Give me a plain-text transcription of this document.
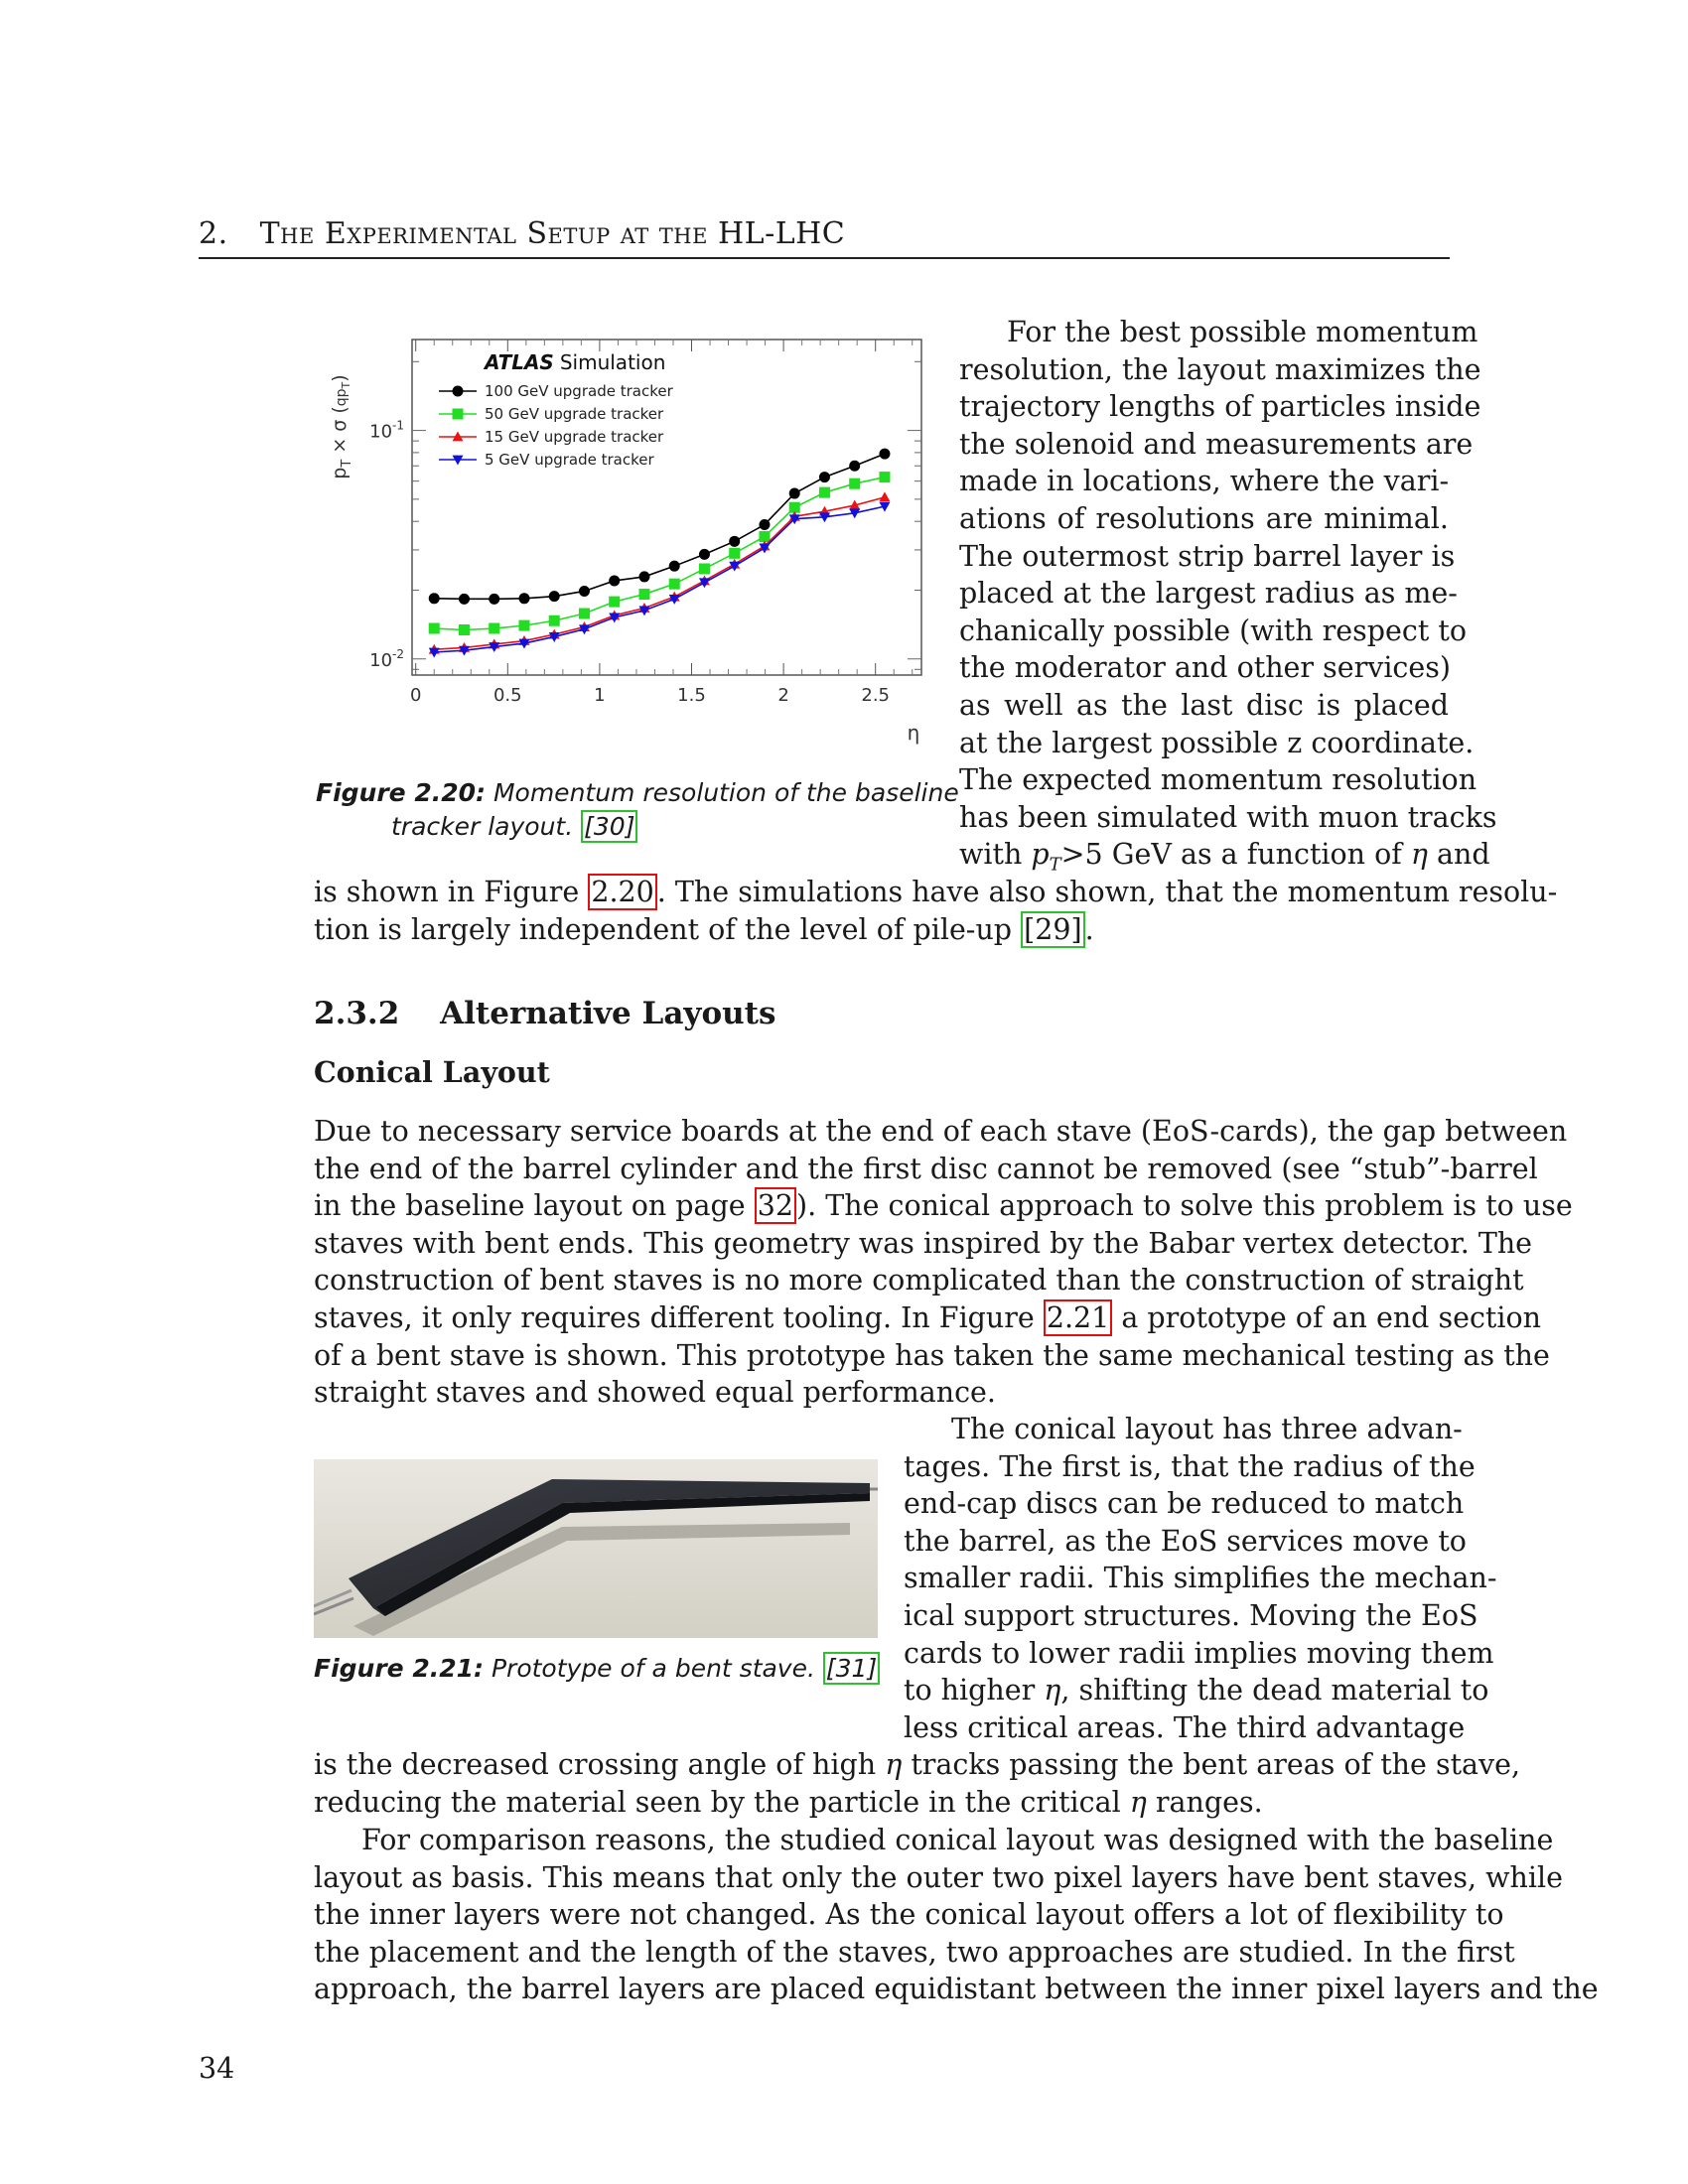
2. The Experimental Setup at the HL-LHC
$p_T \times \sigma$ $(qp_T)$
0	0.5	1	1.5	2	2.5
$10^{-1}$
$10^{-2}$
ATLAS Simulation
100 GeV upgrade tracker
50 GeV upgrade tracker
15 GeV upgrade tracker
5 GeV upgrade tracker
η
Figure 2.20: Momentum resolution of the baseline
tracker layout. [30]
For the best possible momentum
resolution, the layout maximizes the
trajectory lengths of particles inside
the solenoid and measurements are
made in locations, where the vari-
ations of resolutions are minimal.
The outermost strip barrel layer is
placed at the largest radius as me-
chanically possible (with respect to
the moderator and other services)
as well as the last disc is placed
at the largest possible z coordinate.
The expected momentum resolution
has been simulated with muon tracks
with $p_T>5$ GeV as a function of η and
is shown in Figure 2.20 . The simulations have also shown, that the momentum resolu-
tion is largely independent of the level of pile-up [29] .
2.3.2 Alternative Layouts
Conical Layout
Due to necessary service boards at the end of each stave (EoS-cards), the gap between
the end of the barrel cylinder and the first disc cannot be removed (see “stub”-barrel
in the baseline layout on page 32 ). The conical approach to solve this problem is to use
staves with bent ends. This geometry was inspired by the Babar vertex detector. The
construction of bent staves is no more complicated than the construction of straight
staves, it only requires different tooling. In Figure 2.21 a prototype of an end section
of a bent stave is shown. This prototype has taken the same mechanical testing as the
straight staves and showed equal performance.
Figure 2.21: Prototype of a bent stave. [31]
The conical layout has three advan-
tages. The first is, that the radius of the
end-cap discs can be reduced to match
the barrel, as the EoS services move to
smaller radii. This simplifies the mechan-
ical support structures. Moving the EoS
cards to lower radii implies moving them
to higher η, shifting the dead material to
less critical areas. The third advantage
is the decreased crossing angle of high η tracks passing the bent areas of the stave,
reducing the material seen by the particle in the critical η ranges.
For comparison reasons, the studied conical layout was designed with the baseline
layout as basis. This means that only the outer two pixel layers have bent staves, while
the inner layers were not changed. As the conical layout offers a lot of flexibility to
the placement and the length of the staves, two approaches are studied. In the first
approach, the barrel layers are placed equidistant between the inner pixel layers and the
34
